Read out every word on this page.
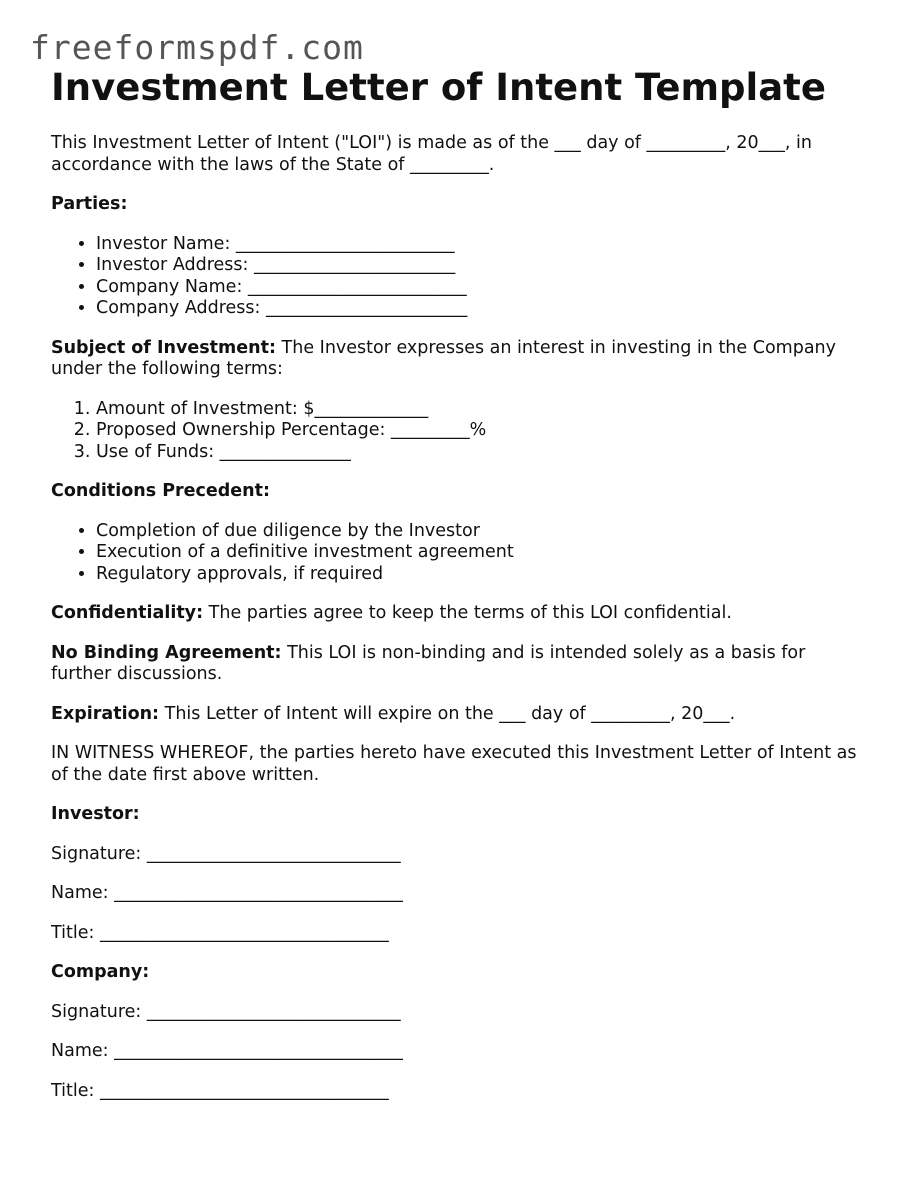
freeformspdf.com
Investment Letter of Intent Template

This Investment Letter of Intent ("LOI") is made as of the ___ day of _________, 20___, in accordance with the laws of the State of _________.

Parties:

• Investor Name: _________________________
• Investor Address: _______________________
• Company Name: _________________________
• Company Address: _______________________

Subject of Investment: The Investor expresses an interest in investing in the Company under the following terms:

1. Amount of Investment: $_____________
2. Proposed Ownership Percentage: _________%
3. Use of Funds: _______________

Conditions Precedent:

• Completion of due diligence by the Investor
• Execution of a definitive investment agreement
• Regulatory approvals, if required

Confidentiality: The parties agree to keep the terms of this LOI confidential.

No Binding Agreement: This LOI is non-binding and is intended solely as a basis for further discussions.

Expiration: This Letter of Intent will expire on the ___ day of _________, 20___.

IN WITNESS WHEREOF, the parties hereto have executed this Investment Letter of Intent as of the date first above written.

Investor:

Signature: _____________________________

Name: _________________________________

Title: _________________________________

Company:

Signature: _____________________________

Name: _________________________________

Title: _________________________________
